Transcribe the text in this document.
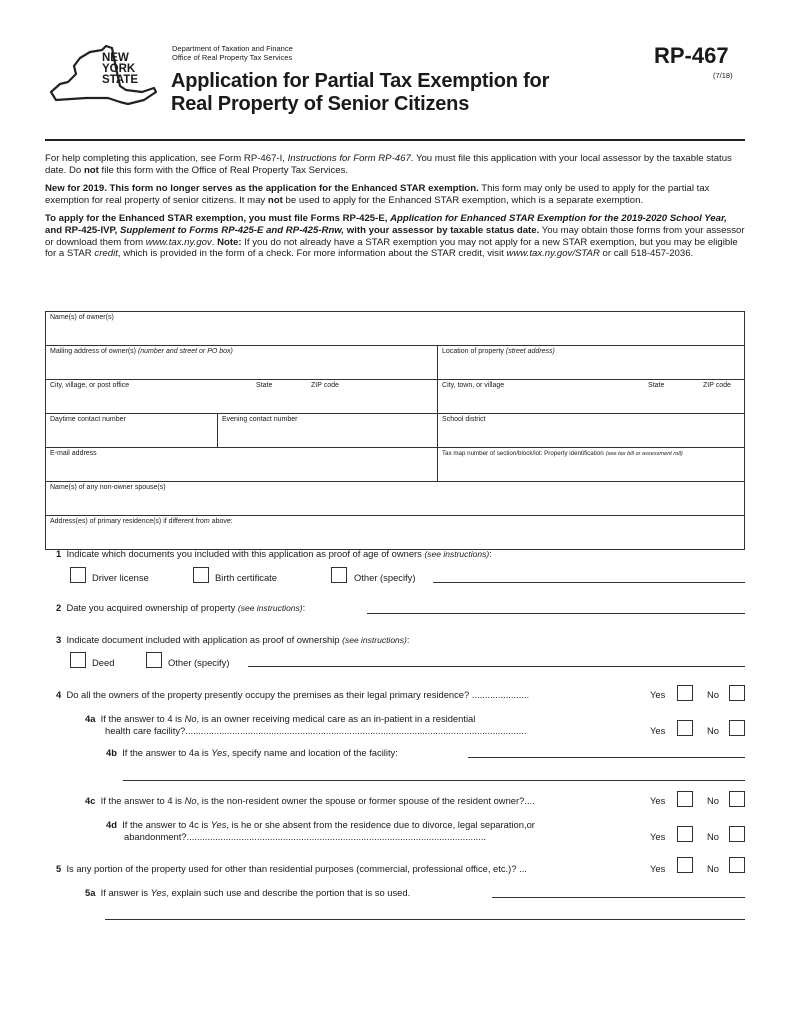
NEW
YORK
STATE
Department of Taxation and Finance
Office of Real Property Tax Services
Application for Partial Tax Exemption for
Real Property of Senior Citizens
RP-467
(7/18)

For help completing this application, see Form RP-467-I, Instructions for Form RP-467. You must file this application with your local assessor by the taxable status date. Do not file this form with the Office of Real Property Tax Services.

New for 2019. This form no longer serves as the application for the Enhanced STAR exemption. This form may only be used to apply for the partial tax exemption for real property of senior citizens. It may not be used to apply for the Enhanced STAR exemption, which is a separate exemption.

To apply for the Enhanced STAR exemption, you must file Forms RP-425-E, Application for Enhanced STAR Exemption for the 2019-2020 School Year, and RP-425-IVP, Supplement to Forms RP-425-E and RP-425-Rnw, with your assessor by taxable status date. You may obtain those forms from your assessor or download them from www.tax.ny.gov. Note: If you do not already have a STAR exemption you may not apply for a new STAR exemption, but you may be eligible for a STAR credit, which is provided in the form of a check. For more information about the STAR credit, visit www.tax.ny.gov/STAR or call 518-457-2036.

Name(s) of owner(s)		
Mailing address of owner(s) (number and street or PO box)		Location of property (street address)
City, village, or post office State ZIP code		City, town, or village State ZIP code

Daytime contact number	Evening contact number	School district
E-mail address		Tax map number of section/block/lot: Property identification (see tax bill or assessment roll)
Name(s) of any non-owner spouse(s)		
Address(es) of primary residence(s) if different from above:		
1 Indicate which documents you included with this application as proof of age of owners (see instructions):
Driver license	Birth certificate	Other (specify)
2 Date you acquired ownership of property (see instructions):
3 Indicate document included with application as proof of ownership (see instructions):
Deed	Other (specify)
4 Do all the owners of the property presently occupy the premises as their legal primary residence? ......................	Yes	No
4a If the answer to 4 is No, is an owner receiving medical care as an in-patient in a residential
health care facility?...................................................................................................................................	Yes	No
4b If the answer to 4a is Yes, specify name and location of the facility:
4c If the answer to 4 is No, is the non-resident owner the spouse or former spouse of the resident owner?....	Yes	No
4d If the answer to 4c is Yes, is he or she absent from the residence due to divorce, legal separation,or
abandonment?...................................................................................................................	Yes	No
5 Is any portion of the property used for other than residential purposes (commercial, professional office, etc.)? ...	Yes	No
5a If answer is Yes, explain such use and describe the portion that is so used.
